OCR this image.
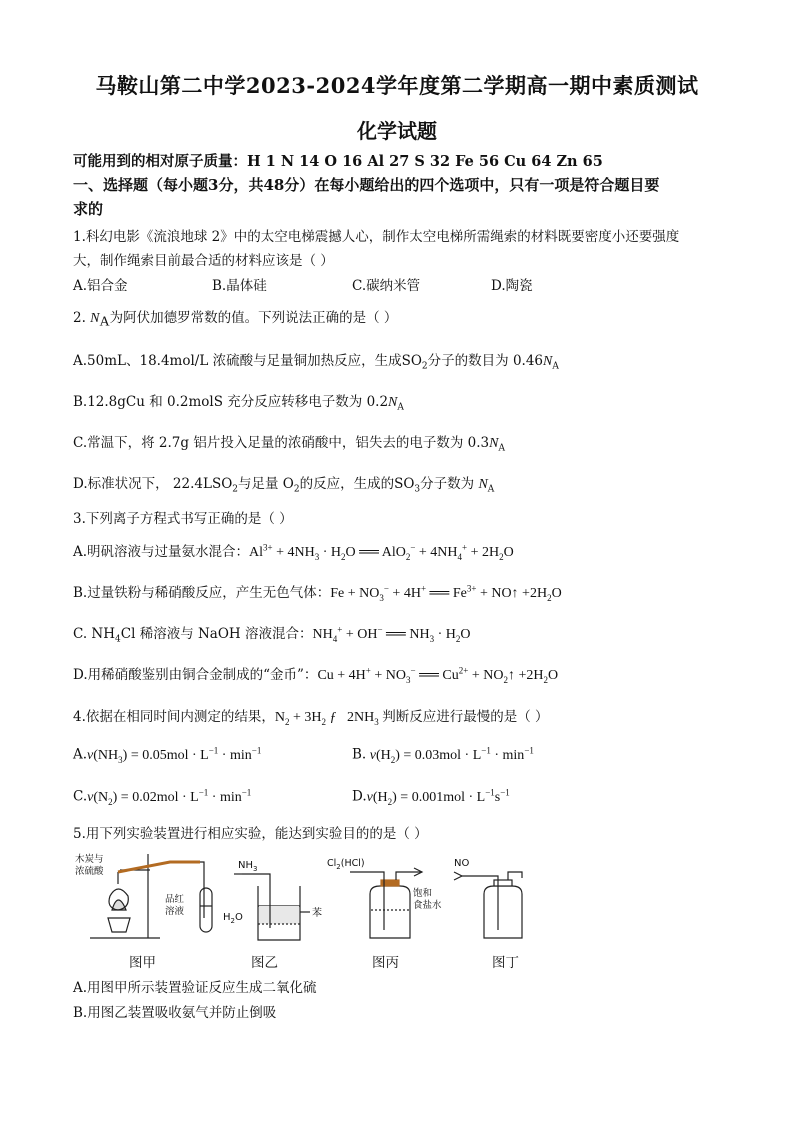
马鞍山第二中学2023-2024学年度第二学期高一期中素质测试
化学试题
可能用到的相对原子质量：H 1 N 14 O 16 Al 27 S 32 Fe 56 Cu 64 Zn 65
一、选择题（每小题3分，共48分）在每小题给出的四个选项中，只有一项是符合题目要
求的
1.科幻电影《流浪地球 2》中的太空电梯震撼人心，制作太空电梯所需绳索的材料既要密度小还要强度
大，制作绳索目前最合适的材料应该是（ ）
A.铝合金	B.晶体硅	C.碳纳米管	D.陶瓷
2. $N_A$为阿伏加德罗常数的值。下列说法正确的是（ ）
A.50mL、18.4mol/L 浓硫酸与足量铜加热反应，生成$SO_2$分子的数目为 $0.46N_A$
B.12.8gCu 和 0.2molS 充分反应转移电子数为 $0.2N_A$
C.常温下，将 2.7g 铝片投入足量的浓硝酸中，铝失去的电子数为 $0.3N_A$
D.标准状况下， $22.4LSO_2$与足量 $O_2$的反应，生成的$SO_3$分子数为 $N_A$
3.下列离子方程式书写正确的是（ ）
A.明矾溶液与过量氨水混合：$Al^{3+} + 4NH_3 \cdot H_2O$ ══ $AlO_2^- + 4NH_4^+ + 2H_2O$
B.过量铁粉与稀硝酸反应，产生无色气体：$Fe + NO_3^- + 4H^+$ ══ $Fe^{3+}$ + NO↑ $+2H_2O$
C. $NH_4Cl$ 稀溶液与 NaOH 溶液混合：$NH_4^+ + OH^-$ ══ $NH_3 \cdot H_2O$
D.用稀硝酸鉴别由铜合金制成的“金币”：$Cu + 4H^+ + NO_3^-$ ══ $Cu^{2+}$ + $NO_2↑ +2H_2O$
4.依据在相同时间内测定的结果，$N_2 + 3H_2$ ƒ   $2NH_3$ 判断反应进行最慢的是（ ）
$A.v(NH_3) = 0.05mol \cdot L^{-1} \cdot \min^{-1}$	B. $v(H_2) = 0.03mol \cdot L^{-1} \cdot \min^{-1}$
$C.v(N_2) = 0.02mol \cdot L^{-1} \cdot \min^{-1}$	$D.v(H_2) = 0.001mol \cdot L^{-1}s^{-1}$
5.用下列实验装置进行相应实验，能达到实验目的的是（ ）
木炭与
浓硫酸
品红
溶液
$NH_3$
$H_2O$	苯
$Cl_2(HCl)$
饱和
食盐水
NO
图甲	图乙	图丙	图丁
A.用图甲所示装置验证反应生成二氧化硫
B.用图乙装置吸收氨气并防止倒吸
